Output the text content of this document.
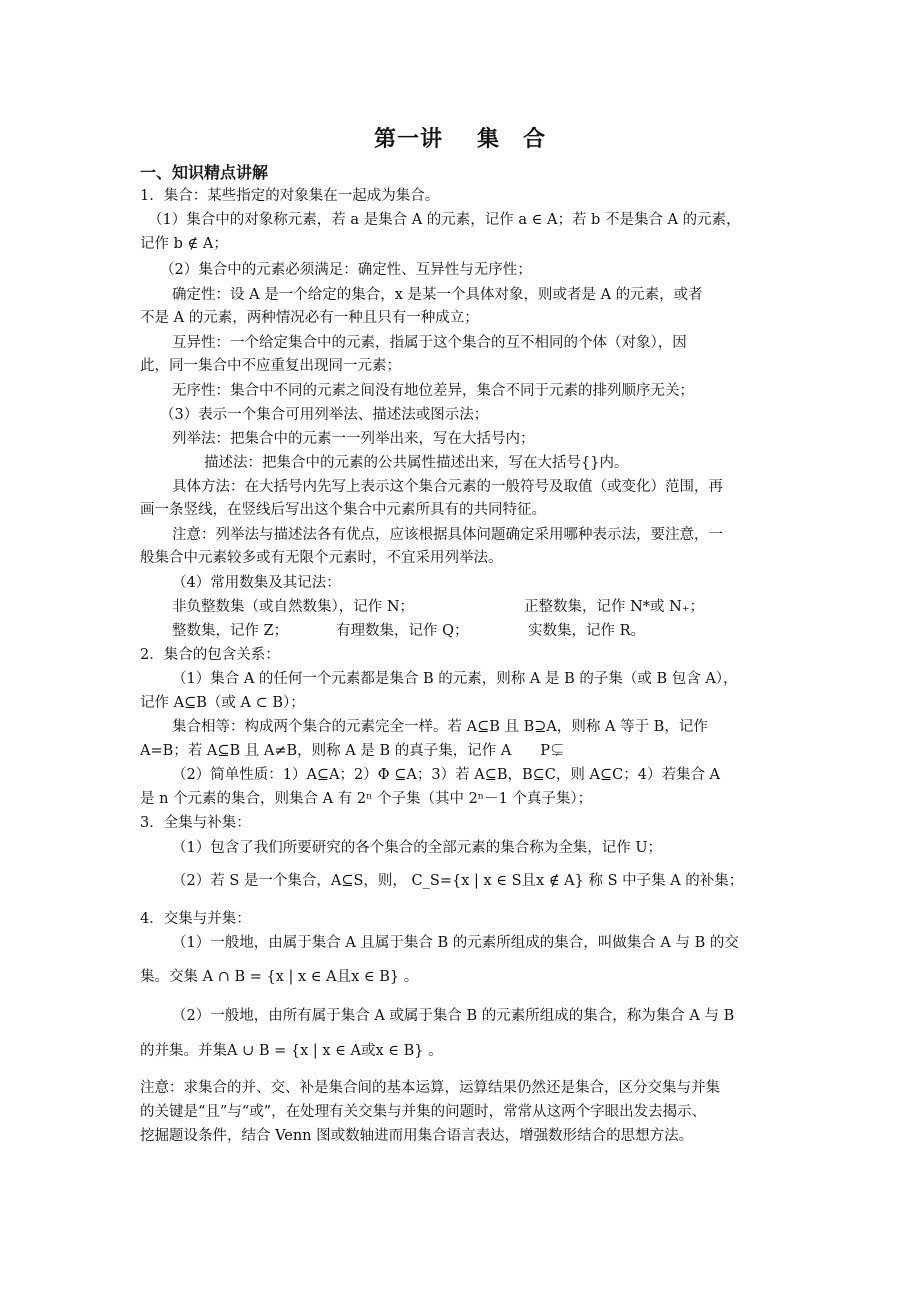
第一讲 集　合
一、知识精点讲解
1．集合：某些指定的对象集在一起成为集合。
（1）集合中的对象称元素，若 a 是集合 A 的元素，记作 a ∈ A；若 b 不是集合 A 的元素，
记作 b ∉ A；
（2）集合中的元素必须满足：确定性、互异性与无序性；
确定性：设 A 是一个给定的集合，x 是某一个具体对象，则或者是 A 的元素，或者
不是 A 的元素，两种情况必有一种且只有一种成立；
互异性：一个给定集合中的元素，指属于这个集合的互不相同的个体（对象），因
此，同一集合中不应重复出现同一元素；
无序性：集合中不同的元素之间没有地位差异，集合不同于元素的排列顺序无关；
（3）表示一个集合可用列举法、描述法或图示法；
列举法：把集合中的元素一一列举出来，写在大括号内；
描述法：把集合中的元素的公共属性描述出来，写在大括号{}内。
具体方法：在大括号内先写上表示这个集合元素的一般符号及取值（或变化）范围，再
画一条竖线，在竖线后写出这个集合中元素所具有的共同特征。
注意：列举法与描述法各有优点，应该根据具体问题确定采用哪种表示法，要注意，一
般集合中元素较多或有无限个元素时，不宜采用列举法。
（4）常用数集及其记法：
非负整数集（或自然数集），记作 N；	正整数集，记作 N*或 N₊；
整数集，记作 Z；	有理数集，记作 Q；	实数集，记作 R。
2．集合的包含关系：
（1）集合 A 的任何一个元素都是集合 B 的元素，则称 A 是 B 的子集（或 B 包含 A），
记作 A⊆B（或 A ⊂ B）；
集合相等：构成两个集合的元素完全一样。若 A⊆B 且 B⊇A，则称 A 等于 B，记作
A=B；若 A⊆B 且 A≠B，则称 A 是 B 的真子集，记作 A　　P⊊
（2）简单性质：1）A⊆A；2）Φ ⊆A；3）若 A⊆B，B⊆C，则 A⊆C；4）若集合 A
是 n 个元素的集合，则集合 A 有 2ⁿ 个子集（其中 2ⁿ－1 个真子集）；
3．全集与补集：
（1）包含了我们所要研究的各个集合的全部元素的集合称为全集，记作 U；
（2）若 S 是一个集合，A⊆S，则， C_S={x | x ∈ S且x ∉ A} 称 S 中子集 A 的补集；
4．交集与并集：
（1）一般地，由属于集合 A 且属于集合 B 的元素所组成的集合，叫做集合 A 与 B 的交
集。交集 A ∩ B = {x | x ∈ A且x ∈ B} 。
（2）一般地，由所有属于集合 A 或属于集合 B 的元素所组成的集合，称为集合 A 与 B
的并集。并集A ∪ B = {x | x ∈ A或x ∈ B} 。
注意：求集合的并、交、补是集合间的基本运算，运算结果仍然还是集合，区分交集与并集
的关键是“且”与“或”，在处理有关交集与并集的问题时，常常从这两个字眼出发去揭示、
挖掘题设条件，结合 Venn 图或数轴进而用集合语言表达，增强数形结合的思想方法。
